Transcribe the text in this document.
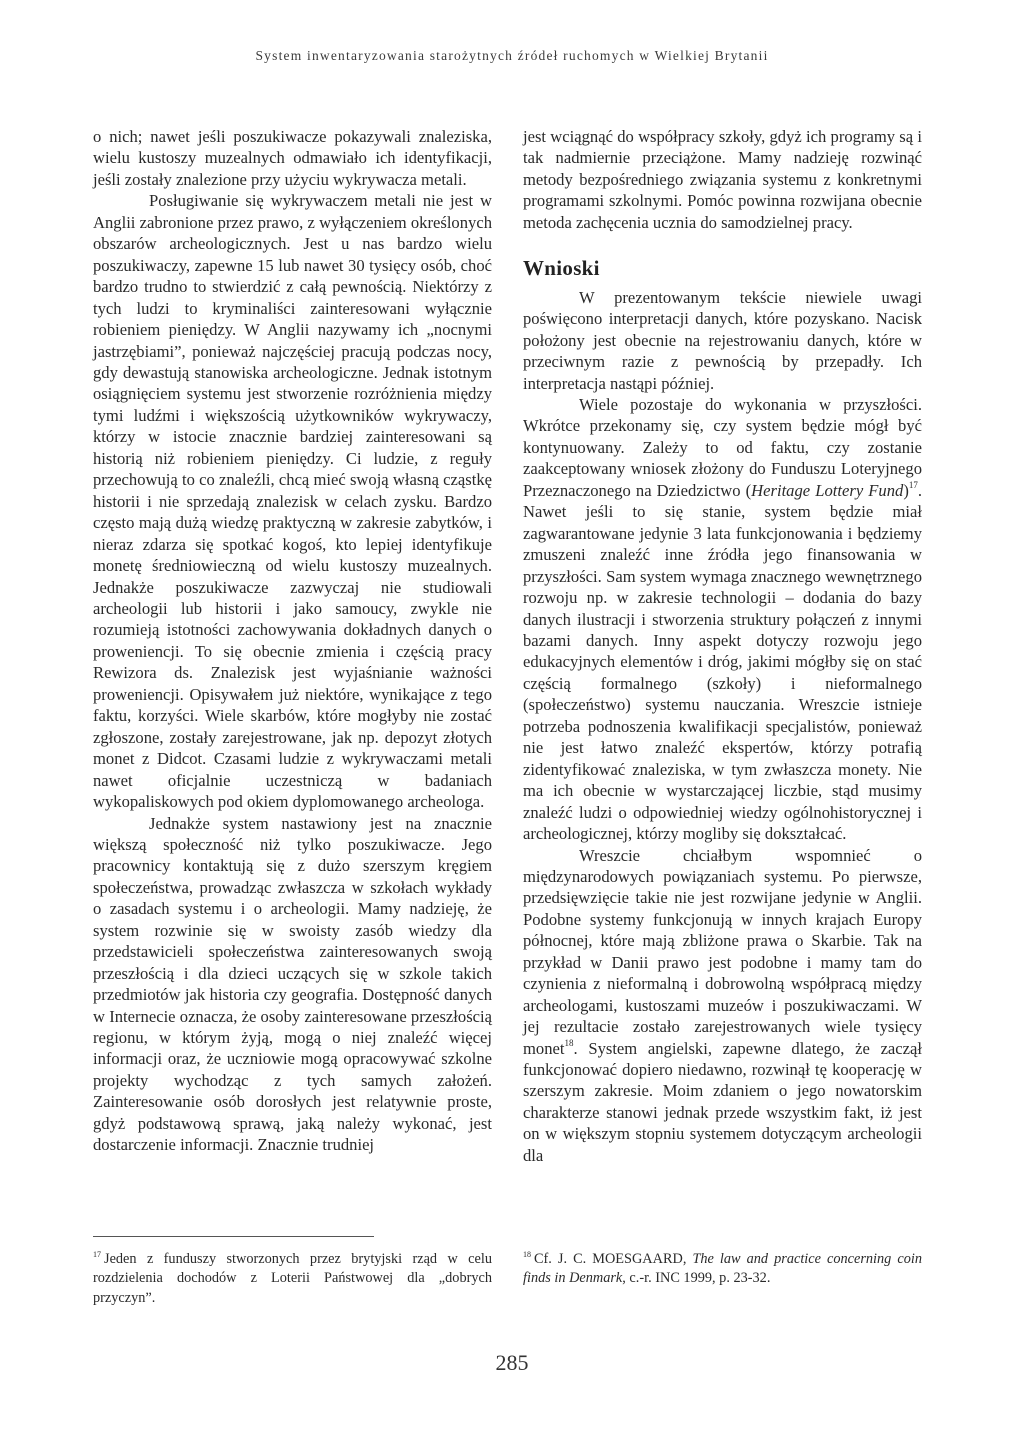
System inwentaryzowania starożytnych źródeł ruchomych w Wielkiej Brytanii

o nich; nawet jeśli poszukiwacze pokazywali znaleziska, wielu kustoszy muzealnych odmawiało ich identyfikacji, jeśli zostały znalezione przy użyciu wykrywacza metali.

Posługiwanie się wykrywaczem metali nie jest w Anglii zabronione przez prawo, z wyłączeniem określonych obszarów archeologicznych. Jest u nas bardzo wielu poszukiwaczy, zapewne 15 lub nawet 30 tysięcy osób, choć bardzo trudno to stwierdzić z całą pewnością. Niektórzy z tych ludzi to kryminaliści zainteresowani wyłącznie robieniem pieniędzy. W Anglii nazywamy ich „nocnymi jastrzębiami”, ponieważ najczęściej pracują podczas nocy, gdy dewastują stanowiska archeologiczne. Jednak istotnym osiągnięciem systemu jest stworzenie rozróżnienia między tymi ludźmi i większością użytkowników wykrywaczy, którzy w istocie znacznie bardziej zainteresowani są historią niż robieniem pieniędzy. Ci ludzie, z reguły przechowują to co znaleźli, chcą mieć swoją własną cząstkę historii i nie sprzedają znalezisk w celach zysku. Bardzo często mają dużą wiedzę praktyczną w zakresie zabytków, i nieraz zdarza się spotkać kogoś, kto lepiej identyfikuje monetę średniowieczną od wielu kustoszy muzealnych. Jednakże poszukiwacze zazwyczaj nie studiowali archeologii lub historii i jako samoucy, zwykle nie rozumieją istotności zachowywania dokładnych danych o proweniencji. To się obecnie zmienia i częścią pracy Rewizora ds. Znalezisk jest wyjaśnianie ważności proweniencji. Opisywałem już niektóre, wynikające z tego faktu, korzyści. Wiele skarbów, które mogłyby nie zostać zgłoszone, zostały zarejestrowane, jak np. depozyt złotych monet z Didcot. Czasami ludzie z wykrywaczami metali nawet oficjalnie uczestniczą w badaniach wykopaliskowych pod okiem dyplomowanego archeologa.

Jednakże system nastawiony jest na znacznie większą społeczność niż tylko poszukiwacze. Jego pracownicy kontaktują się z dużo szerszym kręgiem społeczeństwa, prowadząc zwłaszcza w szkołach wykłady o zasadach systemu i o archeologii. Mamy nadzieję, że system rozwinie się w swoisty zasób wiedzy dla przedstawicieli społeczeństwa zainteresowanych swoją przeszłością i dla dzieci uczących się w szkole takich przedmiotów jak historia czy geografia. Dostępność danych w Internecie oznacza, że osoby zainteresowane przeszłością regionu, w którym żyją, mogą o niej znaleźć więcej informacji oraz, że uczniowie mogą opracowywać szkolne projekty wychodząc z tych samych założeń. Zainteresowanie osób dorosłych jest relatywnie proste, gdyż podstawową sprawą, jaką należy wykonać, jest dostarczenie informacji. Znacznie trudniej

jest wciągnąć do współpracy szkoły, gdyż ich programy są i tak nadmiernie przeciążone. Mamy nadzieję rozwinąć metody bezpośredniego związania systemu z konkretnymi programami szkolnymi. Pomóc powinna rozwijana obecnie metoda zachęcenia ucznia do samodzielnej pracy.

Wnioski

W prezentowanym tekście niewiele uwagi poświęcono interpretacji danych, które pozyskano. Nacisk położony jest obecnie na rejestrowaniu danych, które w przeciwnym razie z pewnością by przepadły. Ich interpretacja nastąpi później.

Wiele pozostaje do wykonania w przyszłości. Wkrótce przekonamy się, czy system będzie mógł być kontynuowany. Zależy to od faktu, czy zostanie zaakceptowany wniosek złożony do Funduszu Loteryjnego Przeznaczonego na Dziedzictwo (Heritage Lottery Fund)$^{17}$. Nawet jeśli to się stanie, system będzie miał zagwarantowane jedynie 3 lata funkcjonowania i będziemy zmuszeni znaleźć inne źródła jego finansowania w przyszłości. Sam system wymaga znacznego wewnętrznego rozwoju np. w zakresie technologii – dodania do bazy danych ilustracji i stworzenia struktury połączeń z innymi bazami danych. Inny aspekt dotyczy rozwoju jego edukacyjnych elementów i dróg, jakimi mógłby się on stać częścią formalnego (szkoły) i nieformalnego (społeczeństwo) systemu nauczania. Wreszcie istnieje potrzeba podnoszenia kwalifikacji specjalistów, ponieważ nie jest łatwo znaleźć ekspertów, którzy potrafią zidentyfikować znaleziska, w tym zwłaszcza monety. Nie ma ich obecnie w wystarczającej liczbie, stąd musimy znaleźć ludzi o odpowiedniej wiedzy ogólnohistorycznej i archeologicznej, którzy mogliby się dokształcać.

Wreszcie chciałbym wspomnieć o międzynarodowych powiązaniach systemu. Po pierwsze, przedsięwzięcie takie nie jest rozwijane jedynie w Anglii. Podobne systemy funkcjonują w innych krajach Europy północnej, które mają zbliżone prawa o Skarbie. Tak na przykład w Danii prawo jest podobne i mamy tam do czynienia z nieformalną i dobrowolną współpracą między archeologami, kustoszami muzeów i poszukiwaczami. W jej rezultacie zostało zarejestrowanych wiele tysięcy monet$^{18}$. System angielski, zapewne dlatego, że zaczął funkcjonować dopiero niedawno, rozwinął tę kooperację w szerszym zakresie. Moim zdaniem o jego nowatorskim charakterze stanowi jednak przede wszystkim fakt, iż jest on w większym stopniu systemem dotyczącym archeologii dla

$^{17}$ Jeden z funduszy stworzonych przez brytyjski rząd w celu rozdzielenia dochodów z Loterii Państwowej dla „dobrych przyczyn”.
$^{18}$ Cf. J. C. MOESGAARD, The law and practice concerning coin finds in Denmark, c.-r. INC 1999, p. 23-32.
285
